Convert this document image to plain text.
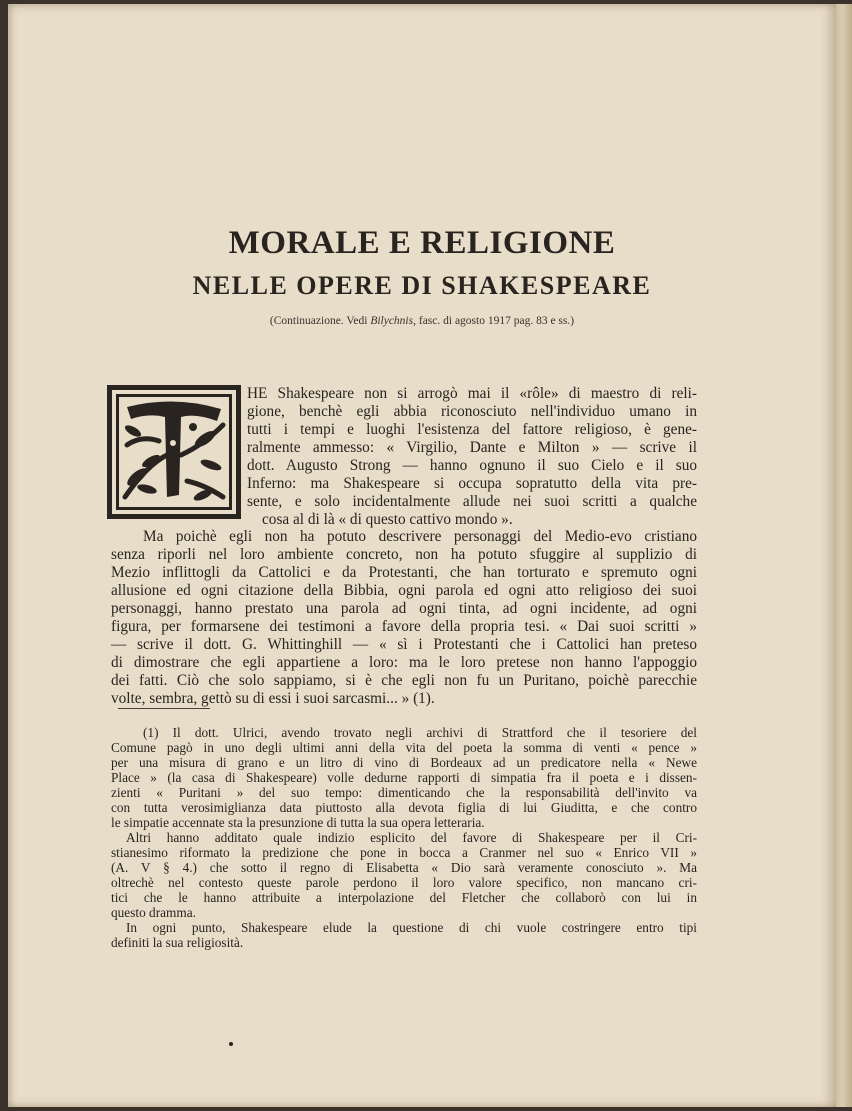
MORALE E RELIGIONE
NELLE OPERE DI SHAKESPEARE
(Continuazione. Vedi Bilychnis, fasc. di agosto 1917 pag. 83 e ss.)
HE Shakespeare non si arrogò mai il «rôle» di maestro di reli-
gione, benchè egli abbia riconosciuto nell'individuo umano in
tutti i tempi e luoghi l'esistenza del fattore religioso, è gene-
ralmente ammesso: « Virgilio, Dante e Milton » — scrive il
dott. Augusto Strong — hanno ognuno il suo Cielo e il suo
Inferno: ma Shakespeare si occupa sopratutto della vita pre-
sente, e solo incidentalmente allude nei suoi scritti a qualche
cosa al di là « di questo cattivo mondo ».
Ma poichè egli non ha potuto descrivere personaggi del Medio-evo cristiano
senza riporli nel loro ambiente concreto, non ha potuto sfuggire al supplizio di
Mezio inflittogli da Cattolici e da Protestanti, che han torturato e spremuto ogni
allusione ed ogni citazione della Bibbia, ogni parola ed ogni atto religioso dei suoi
personaggi, hanno prestato una parola ad ogni tinta, ad ogni incidente, ad ogni
figura, per formarsene dei testimoni a favore della propria tesi. « Dai suoi scritti »
— scrive il dott. G. Whittinghill — « sì i Protestanti che i Cattolici han preteso
di dimostrare che egli appartiene a loro: ma le loro pretese non hanno l'appoggio
dei fatti. Ciò che solo sappiamo, si è che egli non fu un Puritano, poichè parecchie
volte, sembra, gettò su di essi i suoi sarcasmi... » (1).
(1) Il dott. Ulrici, avendo trovato negli archivi di Strattford che il tesoriere del
Comune pagò in uno degli ultimi anni della vita del poeta la somma di venti « pence »
per una misura di grano e un litro di vino di Bordeaux ad un predicatore nella « Newe
Place » (la casa di Shakespeare) volle dedurne rapporti di simpatia fra il poeta e i dissen-
zienti « Puritani » del suo tempo: dimenticando che la responsabilità dell'invito va
con tutta verosimiglianza data piuttosto alla devota figlia di lui Giuditta, e che contro
le simpatie accennate sta la presunzione di tutta la sua opera letteraria.
Altri hanno additato quale indizio esplicito del favore di Shakespeare per il Cri-
stianesimo riformato la predizione che pone in bocca a Cranmer nel suo « Enrico VII »
(A. V § 4.) che sotto il regno di Elisabetta « Dio sarà veramente conosciuto ». Ma
oltrechè nel contesto queste parole perdono il loro valore specifico, non mancano cri-
tici che le hanno attribuite a interpolazione del Fletcher che collaborò con lui in
questo dramma.
In ogni punto, Shakespeare elude la questione di chi vuole costringere entro tipi
definiti la sua religiosità.
